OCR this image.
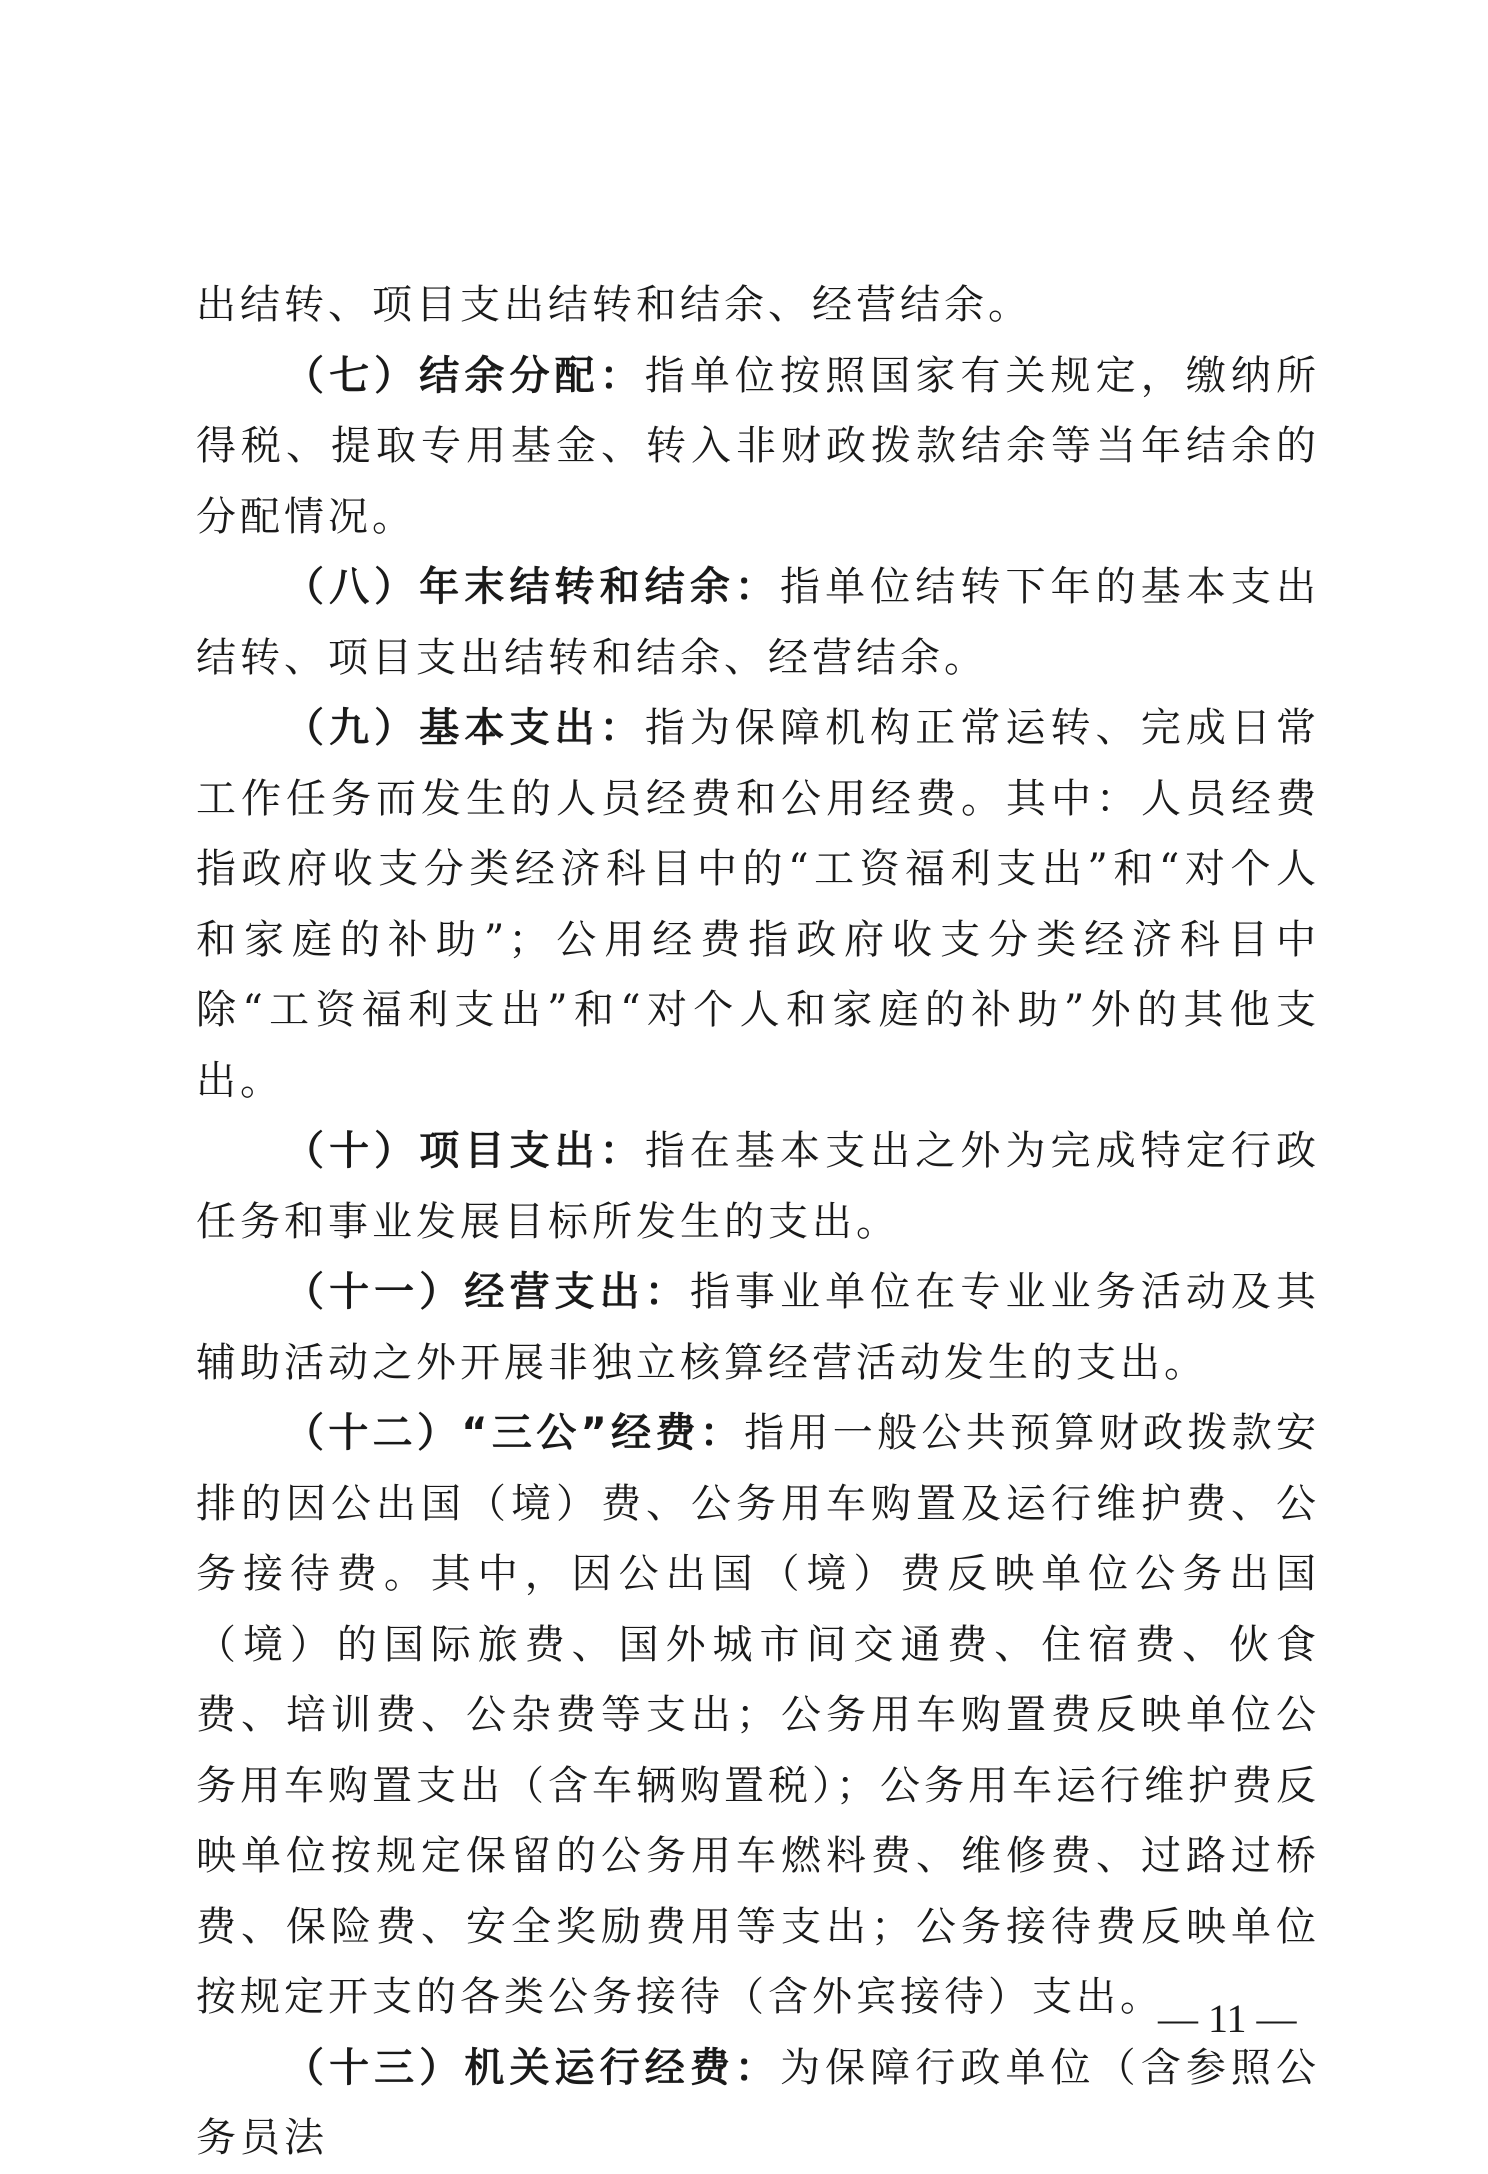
出结转、项目支出结转和结余、经营结余。

（七）结余分配：指单位按照国家有关规定，缴纳所得税、提取专用基金、转入非财政拨款结余等当年结余的分配情况。

（八）年末结转和结余：指单位结转下年的基本支出结转、项目支出结转和结余、经营结余。

（九）基本支出：指为保障机构正常运转、完成日常工作任务而发生的人员经费和公用经费。其中：人员经费指政府收支分类经济科目中的“工资福利支出”和“对个人和家庭的补助”；公用经费指政府收支分类经济科目中除“工资福利支出”和“对个人和家庭的补助”外的其他支出。

（十）项目支出：指在基本支出之外为完成特定行政任务和事业发展目标所发生的支出。

（十一）经营支出：指事业单位在专业业务活动及其辅助活动之外开展非独立核算经营活动发生的支出。

（十二）“三公”经费：指用一般公共预算财政拨款安排的因公出国（境）费、公务用车购置及运行维护费、公务接待费。其中，因公出国（境）费反映单位公务出国（境）的国际旅费、国外城市间交通费、住宿费、伙食费、培训费、公杂费等支出；公务用车购置费反映单位公务用车购置支出（含车辆购置税）；公务用车运行维护费反映单位按规定保留的公务用车燃料费、维修费、过路过桥费、保险费、安全奖励费用等支出；公务接待费反映单位按规定开支的各类公务接待（含外宾接待）支出。

（十三）机关运行经费：为保障行政单位（含参照公务员法

— 11 —
